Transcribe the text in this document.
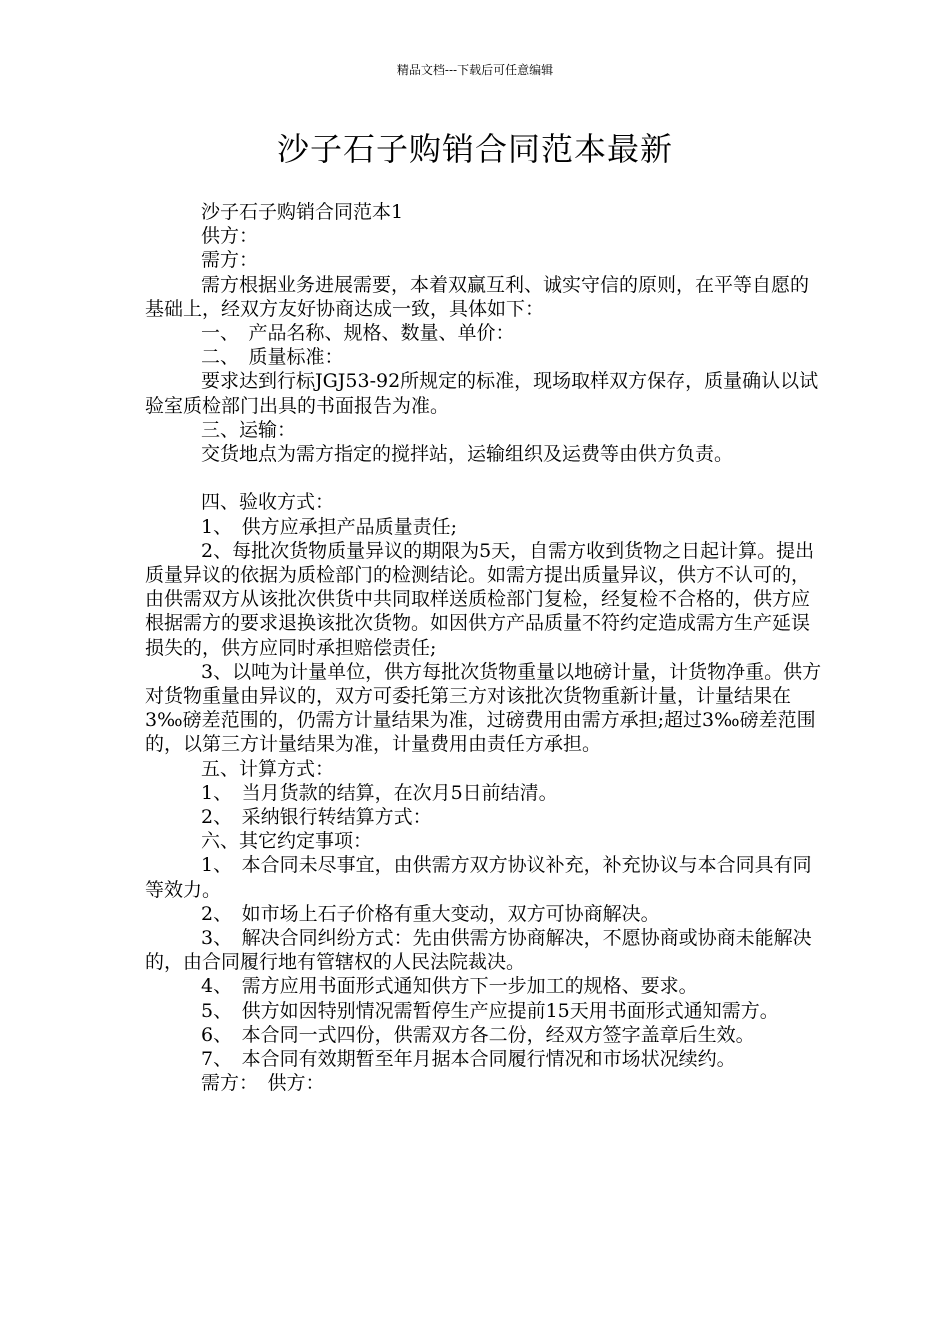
精品文档---下载后可任意编辑
沙子石子购销合同范本最新

沙子石子购销合同范本1

供方：

需方：

需方根据业务进展需要，本着双赢互利、诚实守信的原则，在平等自愿的基础上，经双方友好协商达成一致，具体如下：

一、　产品名称、规格、数量、单价：

二、　质量标准：

要求达到行标JGJ53-92所规定的标准，现场取样双方保存，质量确认以试验室质检部门出具的书面报告为准。

三、运输：

交货地点为需方指定的搅拌站，运输组织及运费等由供方负责。

四、验收方式：

1、　供方应承担产品质量责任;

2、每批次货物质量异议的期限为5天，自需方收到货物之日起计算。提出质量异议的依据为质检部门的检测结论。如需方提出质量异议，供方不认可的，由供需双方从该批次供货中共同取样送质检部门复检，经复检不合格的，供方应根据需方的要求退换该批次货物。如因供方产品质量不符约定造成需方生产延误损失的，供方应同时承担赔偿责任;

3、以吨为计量单位，供方每批次货物重量以地磅计量，计货物净重。供方对货物重量由异议的，双方可委托第三方对该批次货物重新计量，计量结果在3‰磅差范围的，仍需方计量结果为准，过磅费用由需方承担;超过3‰磅差范围的，以第三方计量结果为准，计量费用由责任方承担。

五、计算方式：

1、　当月货款的结算，在次月5日前结清。

2、　采纳银行转结算方式：

六、其它约定事项：

1、　本合同未尽事宜，由供需方双方协议补充，补充协议与本合同具有同等效力。

2、　如市场上石子价格有重大变动，双方可协商解决。

3、　解决合同纠纷方式：先由供需方协商解决，不愿协商或协商未能解决的，由合同履行地有管辖权的人民法院裁决。

4、　需方应用书面形式通知供方下一步加工的规格、要求。

5、　供方如因特别情况需暂停生产应提前15天用书面形式通知需方。

6、　本合同一式四份，供需双方各二份，经双方签字盖章后生效。

7、　本合同有效期暂至年月据本合同履行情况和市场状况续约。

需方：　供方：
